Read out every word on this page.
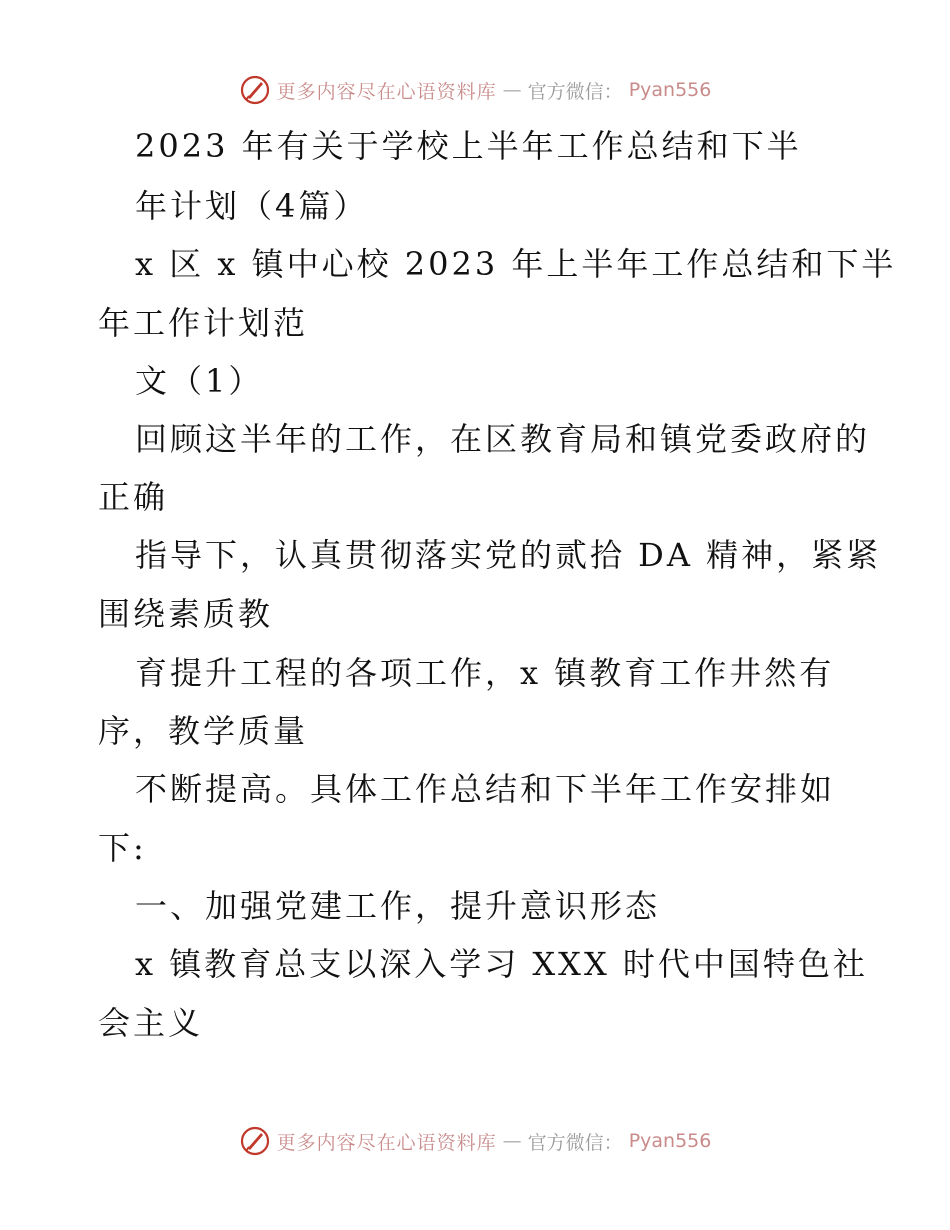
更多内容尽在心语资料库 — 官方微信： Pyan556
2023 年有关于学校上半年工作总结和下半
年计划（4篇）
x 区 x 镇中心校 2023 年上半年工作总结和下半
年工作计划范
文（1）
回顾这半年的工作，在区教育局和镇党委政府的
正确
指导下，认真贯彻落实党的贰拾 DA 精神，紧紧
围绕素质教
育提升工程的各项工作，x 镇教育工作井然有
序，教学质量
不断提高。具体工作总结和下半年工作安排如
下:
一、加强党建工作，提升意识形态
x 镇教育总支以深入学习 XXX 时代中国特色社
会主义
更多内容尽在心语资料库 — 官方微信： Pyan556
